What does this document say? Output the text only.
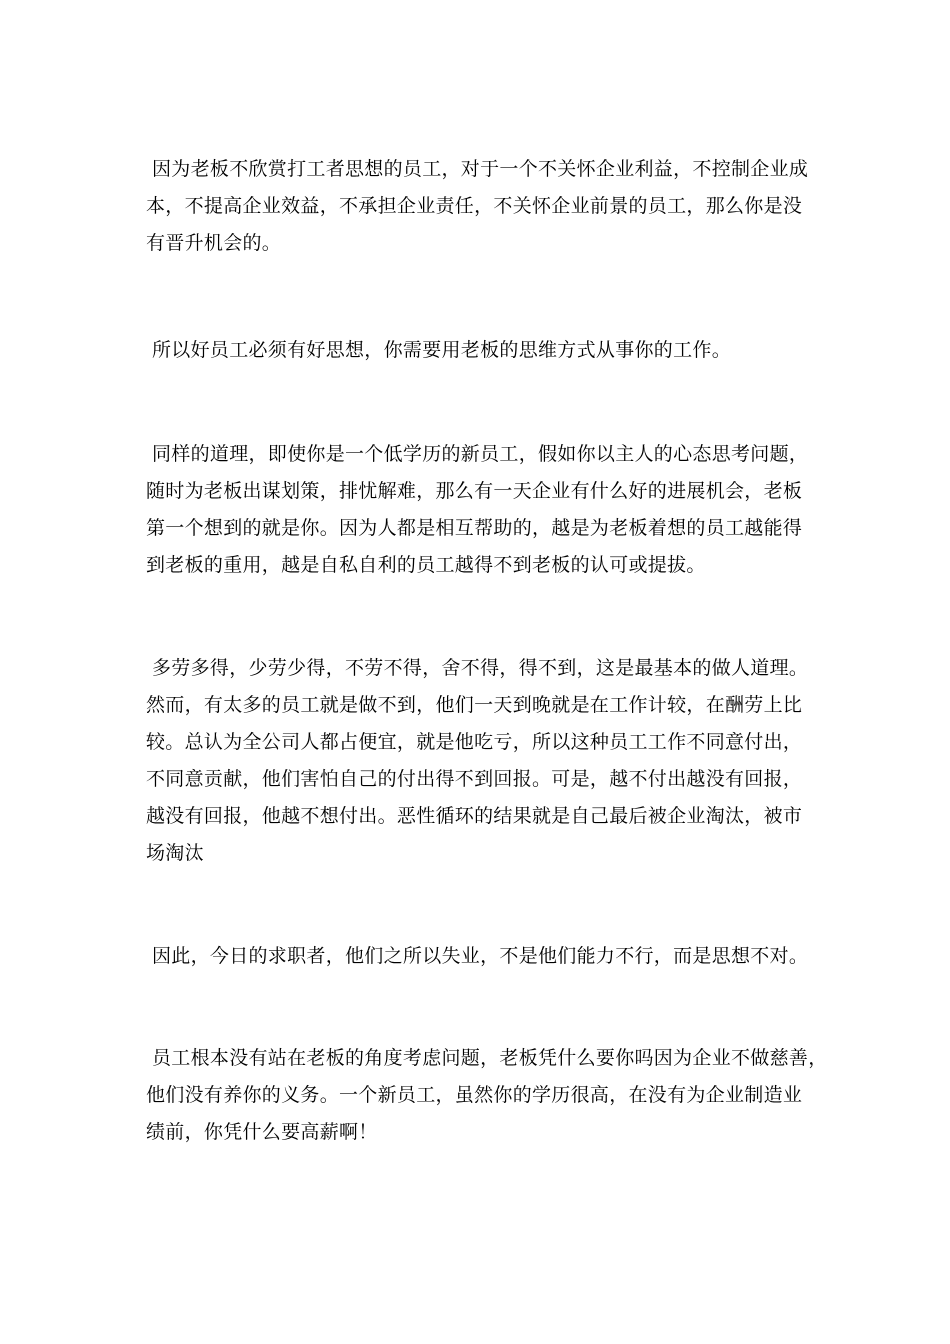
因为老板不欣赏打工者思想的员工，对于一个不关怀企业利益，不控制企业成
本，不提高企业效益，不承担企业责任，不关怀企业前景的员工，那么你是没
有晋升机会的。

所以好员工必须有好思想，你需要用老板的思维方式从事你的工作。

同样的道理，即使你是一个低学历的新员工，假如你以主人的心态思考问题，
随时为老板出谋划策，排忧解难，那么有一天企业有什么好的进展机会，老板
第一个想到的就是你。因为人都是相互帮助的，越是为老板着想的员工越能得
到老板的重用，越是自私自利的员工越得不到老板的认可或提拔。

多劳多得，少劳少得，不劳不得，舍不得，得不到，这是最基本的做人道理。
然而，有太多的员工就是做不到，他们一天到晚就是在工作计较，在酬劳上比
较。总认为全公司人都占便宜，就是他吃亏，所以这种员工工作不同意付出，
不同意贡献，他们害怕自己的付出得不到回报。可是，越不付出越没有回报，
越没有回报，他越不想付出。恶性循环的结果就是自己最后被企业淘汰，被市
场淘汰

因此，今日的求职者，他们之所以失业，不是他们能力不行，而是思想不对。

员工根本没有站在老板的角度考虑问题，老板凭什么要你吗因为企业不做慈善，
他们没有养你的义务。一个新员工，虽然你的学历很高，在没有为企业制造业
绩前，你凭什么要高薪啊！
